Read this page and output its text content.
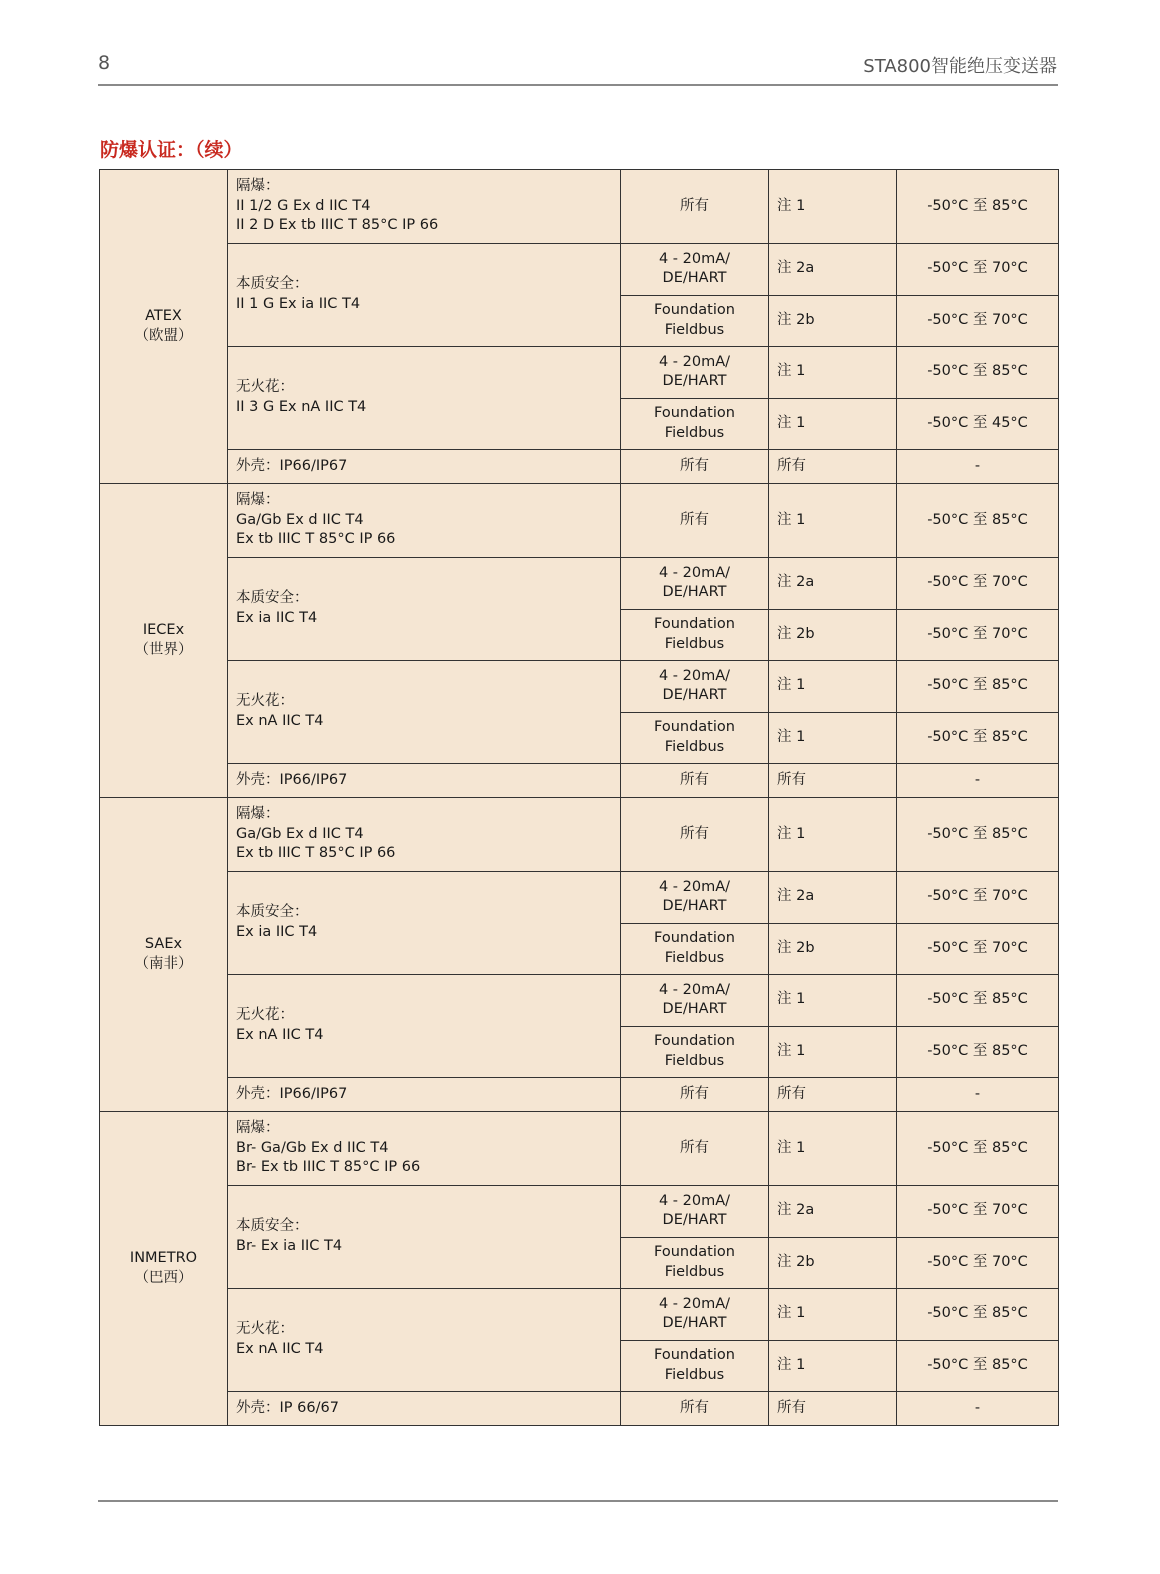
8	STA800智能绝压变送器
防爆认证：（续）
ATEX
（欧盟）	隔爆：
II 1/2 G Ex d IIC T4
II 2 D Ex tb IIIC T 85°C IP 66	所有	注 1	-50°C 至 85°C

	本质安全：
II 1 G Ex ia IIC T4	4 - 20mA/
DE/HART	注 2a	-50°C 至 70°C

		Foundation
Fieldbus	注 2b	-50°C 至 70°C

	无火花：
II 3 G Ex nA IIC T4	4 - 20mA/
DE/HART	注 1	-50°C 至 85°C

		Foundation
Fieldbus	注 1	-50°C 至 45°C

	外壳：IP66/IP67	所有	所有	-

IECEx
（世界）	隔爆：
Ga/Gb Ex d IIC T4
Ex tb IIIC T 85°C IP 66	所有	注 1	-50°C 至 85°C

	本质安全：
Ex ia IIC T4	4 - 20mA/
DE/HART	注 2a	-50°C 至 70°C

		Foundation
Fieldbus	注 2b	-50°C 至 70°C

	无火花：
Ex nA IIC T4	4 - 20mA/
DE/HART	注 1	-50°C 至 85°C

		Foundation
Fieldbus	注 1	-50°C 至 85°C

	外壳：IP66/IP67	所有	所有	-

SAEx
（南非）	隔爆：
Ga/Gb Ex d IIC T4
Ex tb IIIC T 85°C IP 66	所有	注 1	-50°C 至 85°C

	本质安全：
Ex ia IIC T4	4 - 20mA/
DE/HART	注 2a	-50°C 至 70°C

		Foundation
Fieldbus	注 2b	-50°C 至 70°C

	无火花：
Ex nA IIC T4	4 - 20mA/
DE/HART	注 1	-50°C 至 85°C

		Foundation
Fieldbus	注 1	-50°C 至 85°C

	外壳：IP66/IP67	所有	所有	-

INMETRO
（巴西）	隔爆：
Br- Ga/Gb Ex d IIC T4
Br- Ex tb IIIC T 85°C IP 66	所有	注 1	-50°C 至 85°C

	本质安全：
Br- Ex ia IIC T4	4 - 20mA/
DE/HART	注 2a	-50°C 至 70°C

		Foundation
Fieldbus	注 2b	-50°C 至 70°C

	无火花：
Ex nA IIC T4	4 - 20mA/
DE/HART	注 1	-50°C 至 85°C

		Foundation
Fieldbus	注 1	-50°C 至 85°C

	外壳：IP 66/67	所有	所有	-
